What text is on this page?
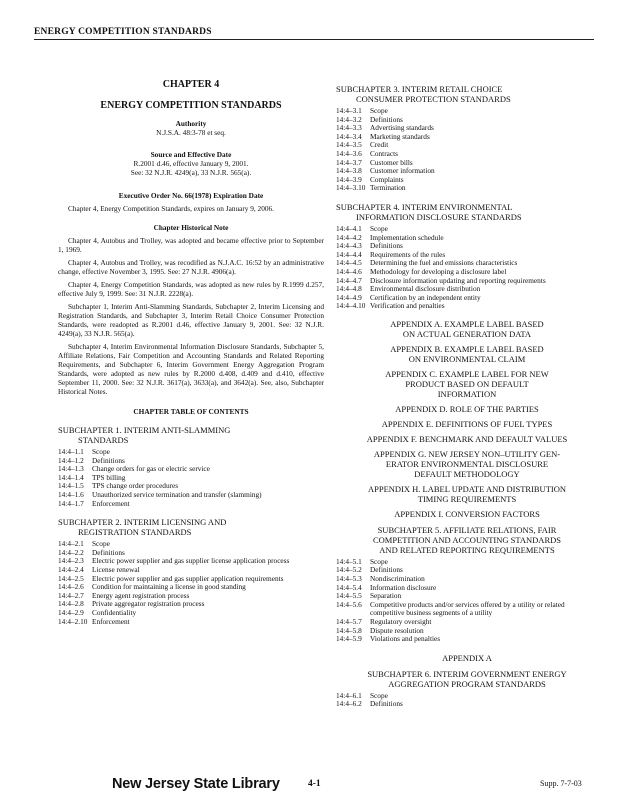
ENERGY COMPETITION STANDARDS
CHAPTER 4
ENERGY COMPETITION STANDARDS
Authority
N.J.S.A. 48:3-78 et seq.
Source and Effective Date
R.2001 d.46, effective January 9, 2001.
See: 32 N.J.R. 4249(a), 33 N.J.R. 565(a).
Executive Order No. 66(1978) Expiration Date
Chapter 4, Energy Competition Standards, expires on January 9, 2006.
Chapter Historical Note
Chapter 4, Autobus and Trolley, was adopted and became effective prior to September 1, 1969.
Chapter 4, Autobus and Trolley, was recodified as N.J.A.C. 16:52 by an administrative change, effective November 3, 1995. See: 27 N.J.R. 4906(a).
Chapter 4, Energy Competition Standards, was adopted as new rules by R.1999 d.257, effective July 9, 1999. See: 31 N.J.R. 2228(a).
Subchapter 1, Interim Anti-Slamming Standards, Subchapter 2, Interim Licensing and Registration Standards, and Subchapter 3, Interim Retail Choice Consumer Protection Standards, were readopted as R.2001 d.46, effective January 9, 2001. See: 32 N.J.R. 4249(a), 33 N.J.R. 565(a).
Subchapter 4, Interim Environmental Information Disclosure Standards, Subchapter 5, Affiliate Relations, Fair Competition and Accounting Standards and Related Reporting Requirements, and Subchapter 6, Interim Government Energy Aggregation Program Standards, were adopted as new rules by R.2000 d.408, d.409 and d.410, effective September 11, 2000. See: 32 N.J.R. 3617(a), 3633(a), and 3642(a). See, also, Subchapter Historical Notes.
CHAPTER TABLE OF CONTENTS
SUBCHAPTER 1. INTERIM ANTI-SLAMMING
STANDARDS
14:4–1.1	Scope
14:4–1.2	Definitions
14:4–1.3	Change orders for gas or electric service
14:4–1.4	TPS billing
14:4–1.5	TPS change order procedures
14:4–1.6	Unauthorized service termination and transfer (slamming)
14:4–1.7	Enforcement
SUBCHAPTER 2. INTERIM LICENSING AND
REGISTRATION STANDARDS
14:4–2.1	Scope
14:4–2.2	Definitions
14:4–2.3	Electric power supplier and gas supplier license application process
14:4–2.4	License renewal
14:4–2.5	Electric power supplier and gas supplier application requirements
14:4–2.6	Condition for maintaining a license in good standing
14:4–2.7	Energy agent registration process
14:4–2.8	Private aggregator registration process
14:4–2.9	Confidentiality
14:4–2.10 Enforcement
SUBCHAPTER 3. INTERIM RETAIL CHOICE
CONSUMER PROTECTION STANDARDS
14:4–3.1	Scope
14:4–3.2	Definitions
14:4–3.3	Advertising standards
14:4–3.4	Marketing standards
14:4–3.5	Credit
14:4–3.6	Contracts
14:4–3.7	Customer bills
14:4–3.8	Customer information
14:4–3.9	Complaints
14:4–3.10 Termination
SUBCHAPTER 4. INTERIM ENVIRONMENTAL
INFORMATION DISCLOSURE STANDARDS
14:4–4.1	Scope
14:4–4.2	Implementation schedule
14:4–4.3	Definitions
14:4–4.4	Requirements of the rules
14:4–4.5	Determining the fuel and emissions characteristics
14:4–4.6	Methodology for developing a disclosure label
14:4–4.7	Disclosure information updating and reporting requirements
14:4–4.8	Environmental disclosure distribution
14:4–4.9	Certification by an independent entity
14:4–4.10 Verification and penalties
APPENDIX A. EXAMPLE LABEL BASED
ON ACTUAL GENERATION DATA
APPENDIX B. EXAMPLE LABEL BASED
ON ENVIRONMENTAL CLAIM
APPENDIX C. EXAMPLE LABEL FOR NEW
PRODUCT BASED ON DEFAULT
INFORMATION
APPENDIX D. ROLE OF THE PARTIES
APPENDIX E. DEFINITIONS OF FUEL TYPES
APPENDIX F. BENCHMARK AND DEFAULT VALUES
APPENDIX G. NEW JERSEY NON–UTILITY GEN-
ERATOR ENVIRONMENTAL DISCLOSURE
DEFAULT METHODOLOGY
APPENDIX H. LABEL UPDATE AND DISTRIBUTION
TIMING REQUIREMENTS
APPENDIX I. CONVERSION FACTORS
SUBCHAPTER 5. AFFILIATE RELATIONS, FAIR
COMPETITION AND ACCOUNTING STANDARDS
AND RELATED REPORTING REQUIREMENTS
14:4–5.1	Scope
14:4–5.2	Definitions
14:4–5.3	Nondiscrimination
14:4–5.4	Information disclosure
14:4–5.5	Separation
14:4–5.6	Competitive products and/or services offered by a utility or related competitive business segments of a utility
14:4–5.7	Regulatory oversight
14:4–5.8	Dispute resolution
14:4–5.9	Violations and penalties
APPENDIX A
SUBCHAPTER 6. INTERIM GOVERNMENT ENERGY
AGGREGATION PROGRAM STANDARDS
14:4–6.1	Scope
14:4–6.2	Definitions
New Jersey State Library	4-1	Supp. 7-7-03
